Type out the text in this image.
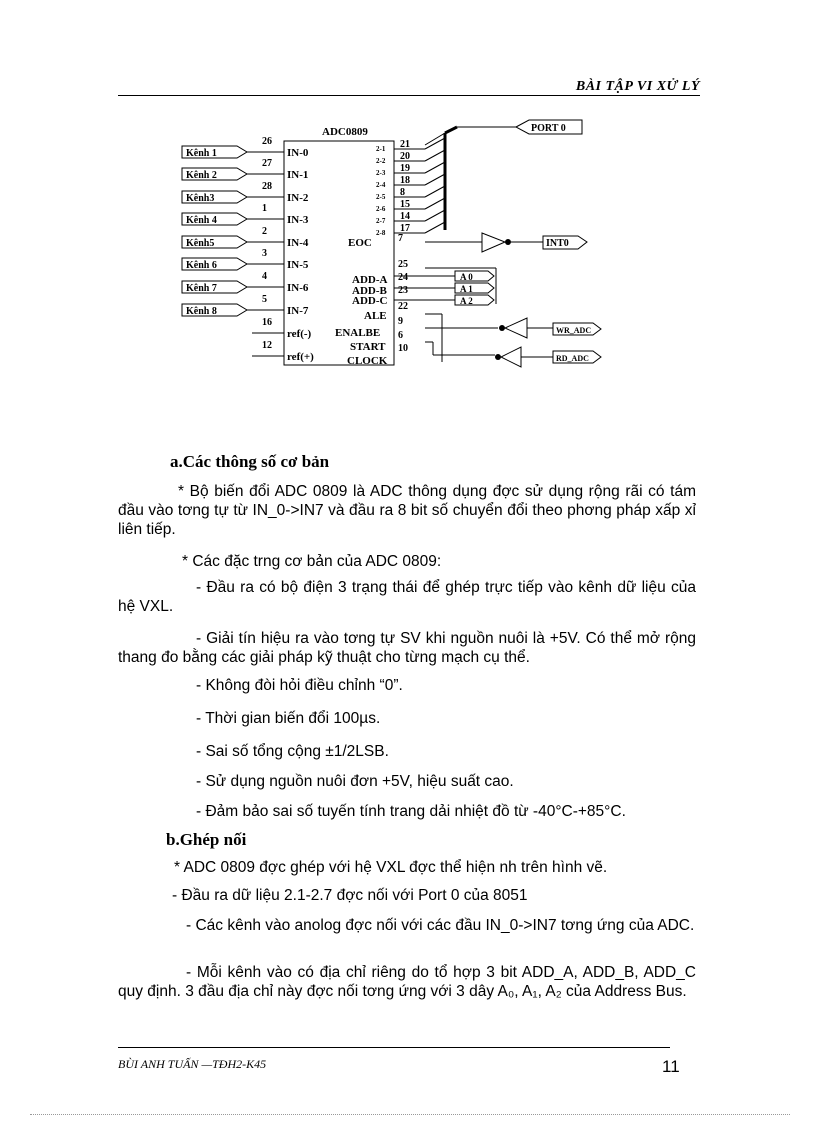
BÀI TẬP VI XỬ LÝ
ADC0809
Kênh 1
26
IN-0
Kênh 2
27
IN-1
Kênh3
28
IN-2
Kênh 4
1
IN-3
Kênh5
2
IN-4
Kênh 6
3
IN-5
Kênh 7
4
IN-6
Kênh 8
5
IN-7
16
ref(-)
12
ref(+)
2-1 21
2-2 20
2-3 19
2-4 18
2-5 8
2-6 15
2-7 14
2-8 17
EOC	7
ADD-A
25
ADD-B
24
ADD-C
23
ALE
22
ENALBE
9
START
6
CLOCK
10
A 0
A 1
A 2
PORT 0
INT0
WR_ADC
RD_ADC
a.Các thông số cơ bản
* Bộ biến đổi ADC 0809 là ADC thông dụng đợc sử dụng rộng rãi có tám đầu vào tơng tự từ IN_0->IN7 và đầu ra 8 bit số chuyển đổi theo phơng pháp xấp xỉ liên tiếp.
* Các đặc trng cơ bản của ADC 0809:
- Đầu ra có bộ điện 3 trạng thái để ghép trực tiếp vào kênh dữ liệu của hệ VXL.
- Giải tín hiệu ra vào tơng tự SV khi nguồn nuôi là +5V. Có thể mở rộng thang đo bằng các giải pháp kỹ thuật cho từng mạch cụ thể.
- Không đòi hỏi điều chỉnh “0”.
- Thời gian biến đổi 100µs.
- Sai số tổng cộng ±1/2LSB.
- Sử dụng nguồn nuôi đơn +5V, hiệu suất cao.
- Đảm bảo sai số tuyến tính trang dải nhiệt đồ từ -40°C-+85°C.
b.Ghép nối
* ADC 0809 đợc ghép với hệ VXL đợc thể hiện nh trên hình vẽ.
- Đầu ra dữ liệu 2.1-2.7 đợc nối với Port 0 của 8051
- Các kênh vào anolog đợc nối với các đầu IN_0->IN7 tơng ứng của ADC.
- Mỗi kênh vào có địa chỉ riêng do tổ hợp 3 bit ADD_A, ADD_B, ADD_C quy định. 3 đầu địa chỉ này đợc nối tơng ứng với 3 dây A₀, A₁, A₂ của Address Bus.
BÙI ANH TUẤN —TĐH2-K45	11
